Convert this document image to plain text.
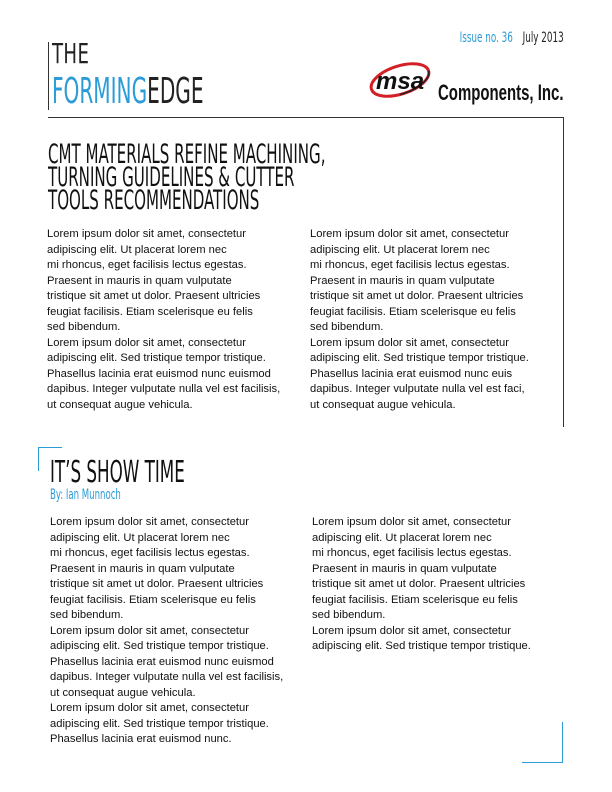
THE
FORMINGEDGE
Issue no. 36 July 2013
msa Components, Inc.
CMT MATERIALS REFINE MACHINING,
TURNING GUIDELINES & CUTTER
TOOLS RECOMMENDATIONS
Lorem ipsum dolor sit amet, consectetur
adipiscing elit. Ut placerat lorem nec
mi rhoncus, eget facilisis lectus egestas.
Praesent in mauris in quam vulputate
tristique sit amet ut dolor. Praesent ultricies
feugiat facilisis. Etiam scelerisque eu felis
sed bibendum.
Lorem ipsum dolor sit amet, consectetur
adipiscing elit. Sed tristique tempor tristique.
Phasellus lacinia erat euismod nunc euismod
dapibus. Integer vulputate nulla vel est facilisis,
ut consequat augue vehicula.
Lorem ipsum dolor sit amet, consectetur
adipiscing elit. Ut placerat lorem nec
mi rhoncus, eget facilisis lectus egestas.
Praesent in mauris in quam vulputate
tristique sit amet ut dolor. Praesent ultricies
feugiat facilisis. Etiam scelerisque eu felis
sed bibendum.
Lorem ipsum dolor sit amet, consectetur
adipiscing elit. Sed tristique tempor tristique.
Phasellus lacinia erat euismod nunc euis
dapibus. Integer vulputate nulla vel est faci,
ut consequat augue vehicula.
IT’S SHOW TIME
By: Ian Munnoch
Lorem ipsum dolor sit amet, consectetur
adipiscing elit. Ut placerat lorem nec
mi rhoncus, eget facilisis lectus egestas.
Praesent in mauris in quam vulputate
tristique sit amet ut dolor. Praesent ultricies
feugiat facilisis. Etiam scelerisque eu felis
sed bibendum.
Lorem ipsum dolor sit amet, consectetur
adipiscing elit. Sed tristique tempor tristique.
Phasellus lacinia erat euismod nunc euismod
dapibus. Integer vulputate nulla vel est facilisis,
ut consequat augue vehicula.
Lorem ipsum dolor sit amet, consectetur
adipiscing elit. Sed tristique tempor tristique.
Phasellus lacinia erat euismod nunc.
Lorem ipsum dolor sit amet, consectetur
adipiscing elit. Ut placerat lorem nec
mi rhoncus, eget facilisis lectus egestas.
Praesent in mauris in quam vulputate
tristique sit amet ut dolor. Praesent ultricies
feugiat facilisis. Etiam scelerisque eu felis
sed bibendum.
Lorem ipsum dolor sit amet, consectetur
adipiscing elit. Sed tristique tempor tristique.
